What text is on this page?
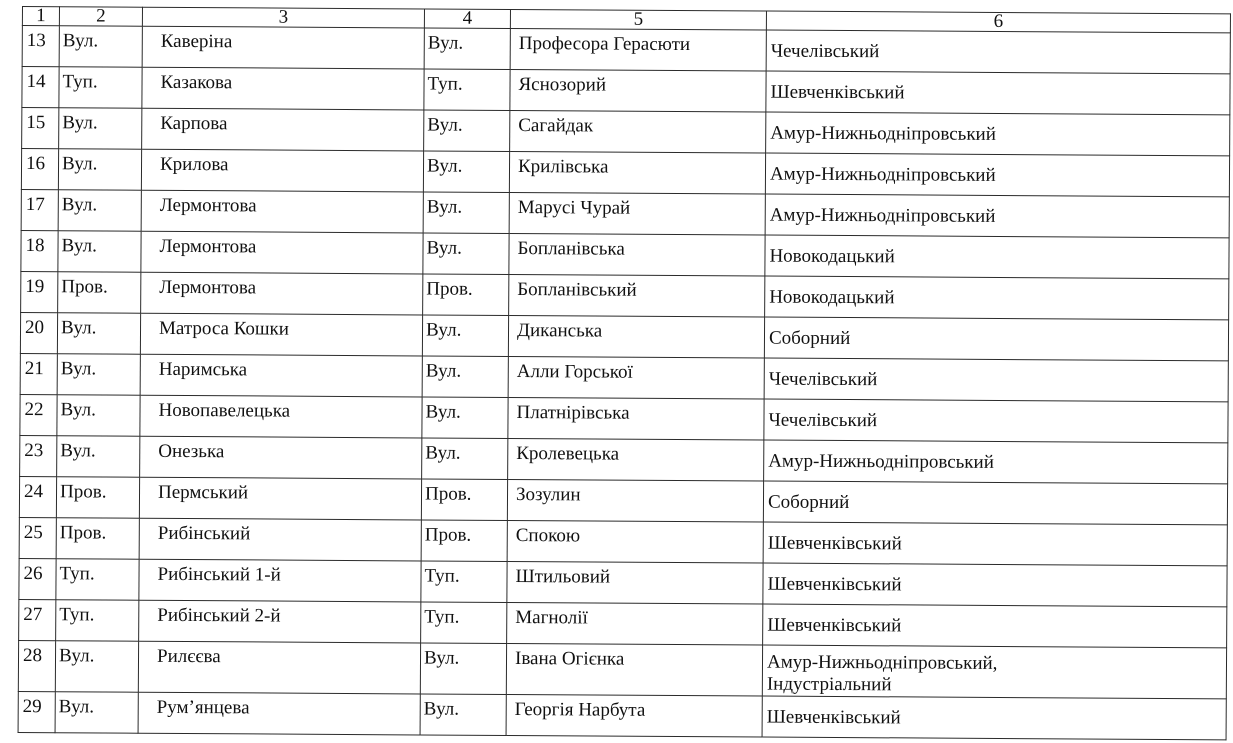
1	2	3	4	5	6
13	Вул.	Каверіна	Вул.	Професора Герасюти	Чечелівський

14	Туп.	Казакова	Туп.	Яснозорий	Шевченківський

15	Вул.	Карпова	Вул.	Сагайдак	Амур-Нижньодніпровський

16	Вул.	Крилова	Вул.	Крилівська	Амур-Нижньодніпровський

17	Вул.	Лермонтова	Вул.	Марусі Чурай	Амур-Нижньодніпровський

18	Вул.	Лермонтова	Вул.	Бопланівська	Новокодацький

19	Пров.	Лермонтова	Пров.	Бопланівський	Новокодацький

20	Вул.	Матроса Кошки	Вул.	Диканська	Соборний

21	Вул.	Наримська	Вул.	Алли Горської	Чечелівський

22	Вул.	Новопавелецька	Вул.	Платнірівська	Чечелівський

23	Вул.	Онезька	Вул.	Кролевецька	Амур-Нижньодніпровський

24	Пров.	Пермський	Пров.	Зозулин	Соборний

25	Пров.	Рибінський	Пров.	Спокою	Шевченківський

26	Туп.	Рибінський 1-й	Туп.	Штильовий	Шевченківський

27	Туп.	Рибінський 2-й	Туп.	Магнолії	Шевченківський

28	Вул.	Рилєєва	Вул.	Івана Огієнка	Амур-Нижньодніпровський,
Індустріальний

29	Вул.	Рум’янцева	Вул.	Георгія Нарбута	Шевченківський
